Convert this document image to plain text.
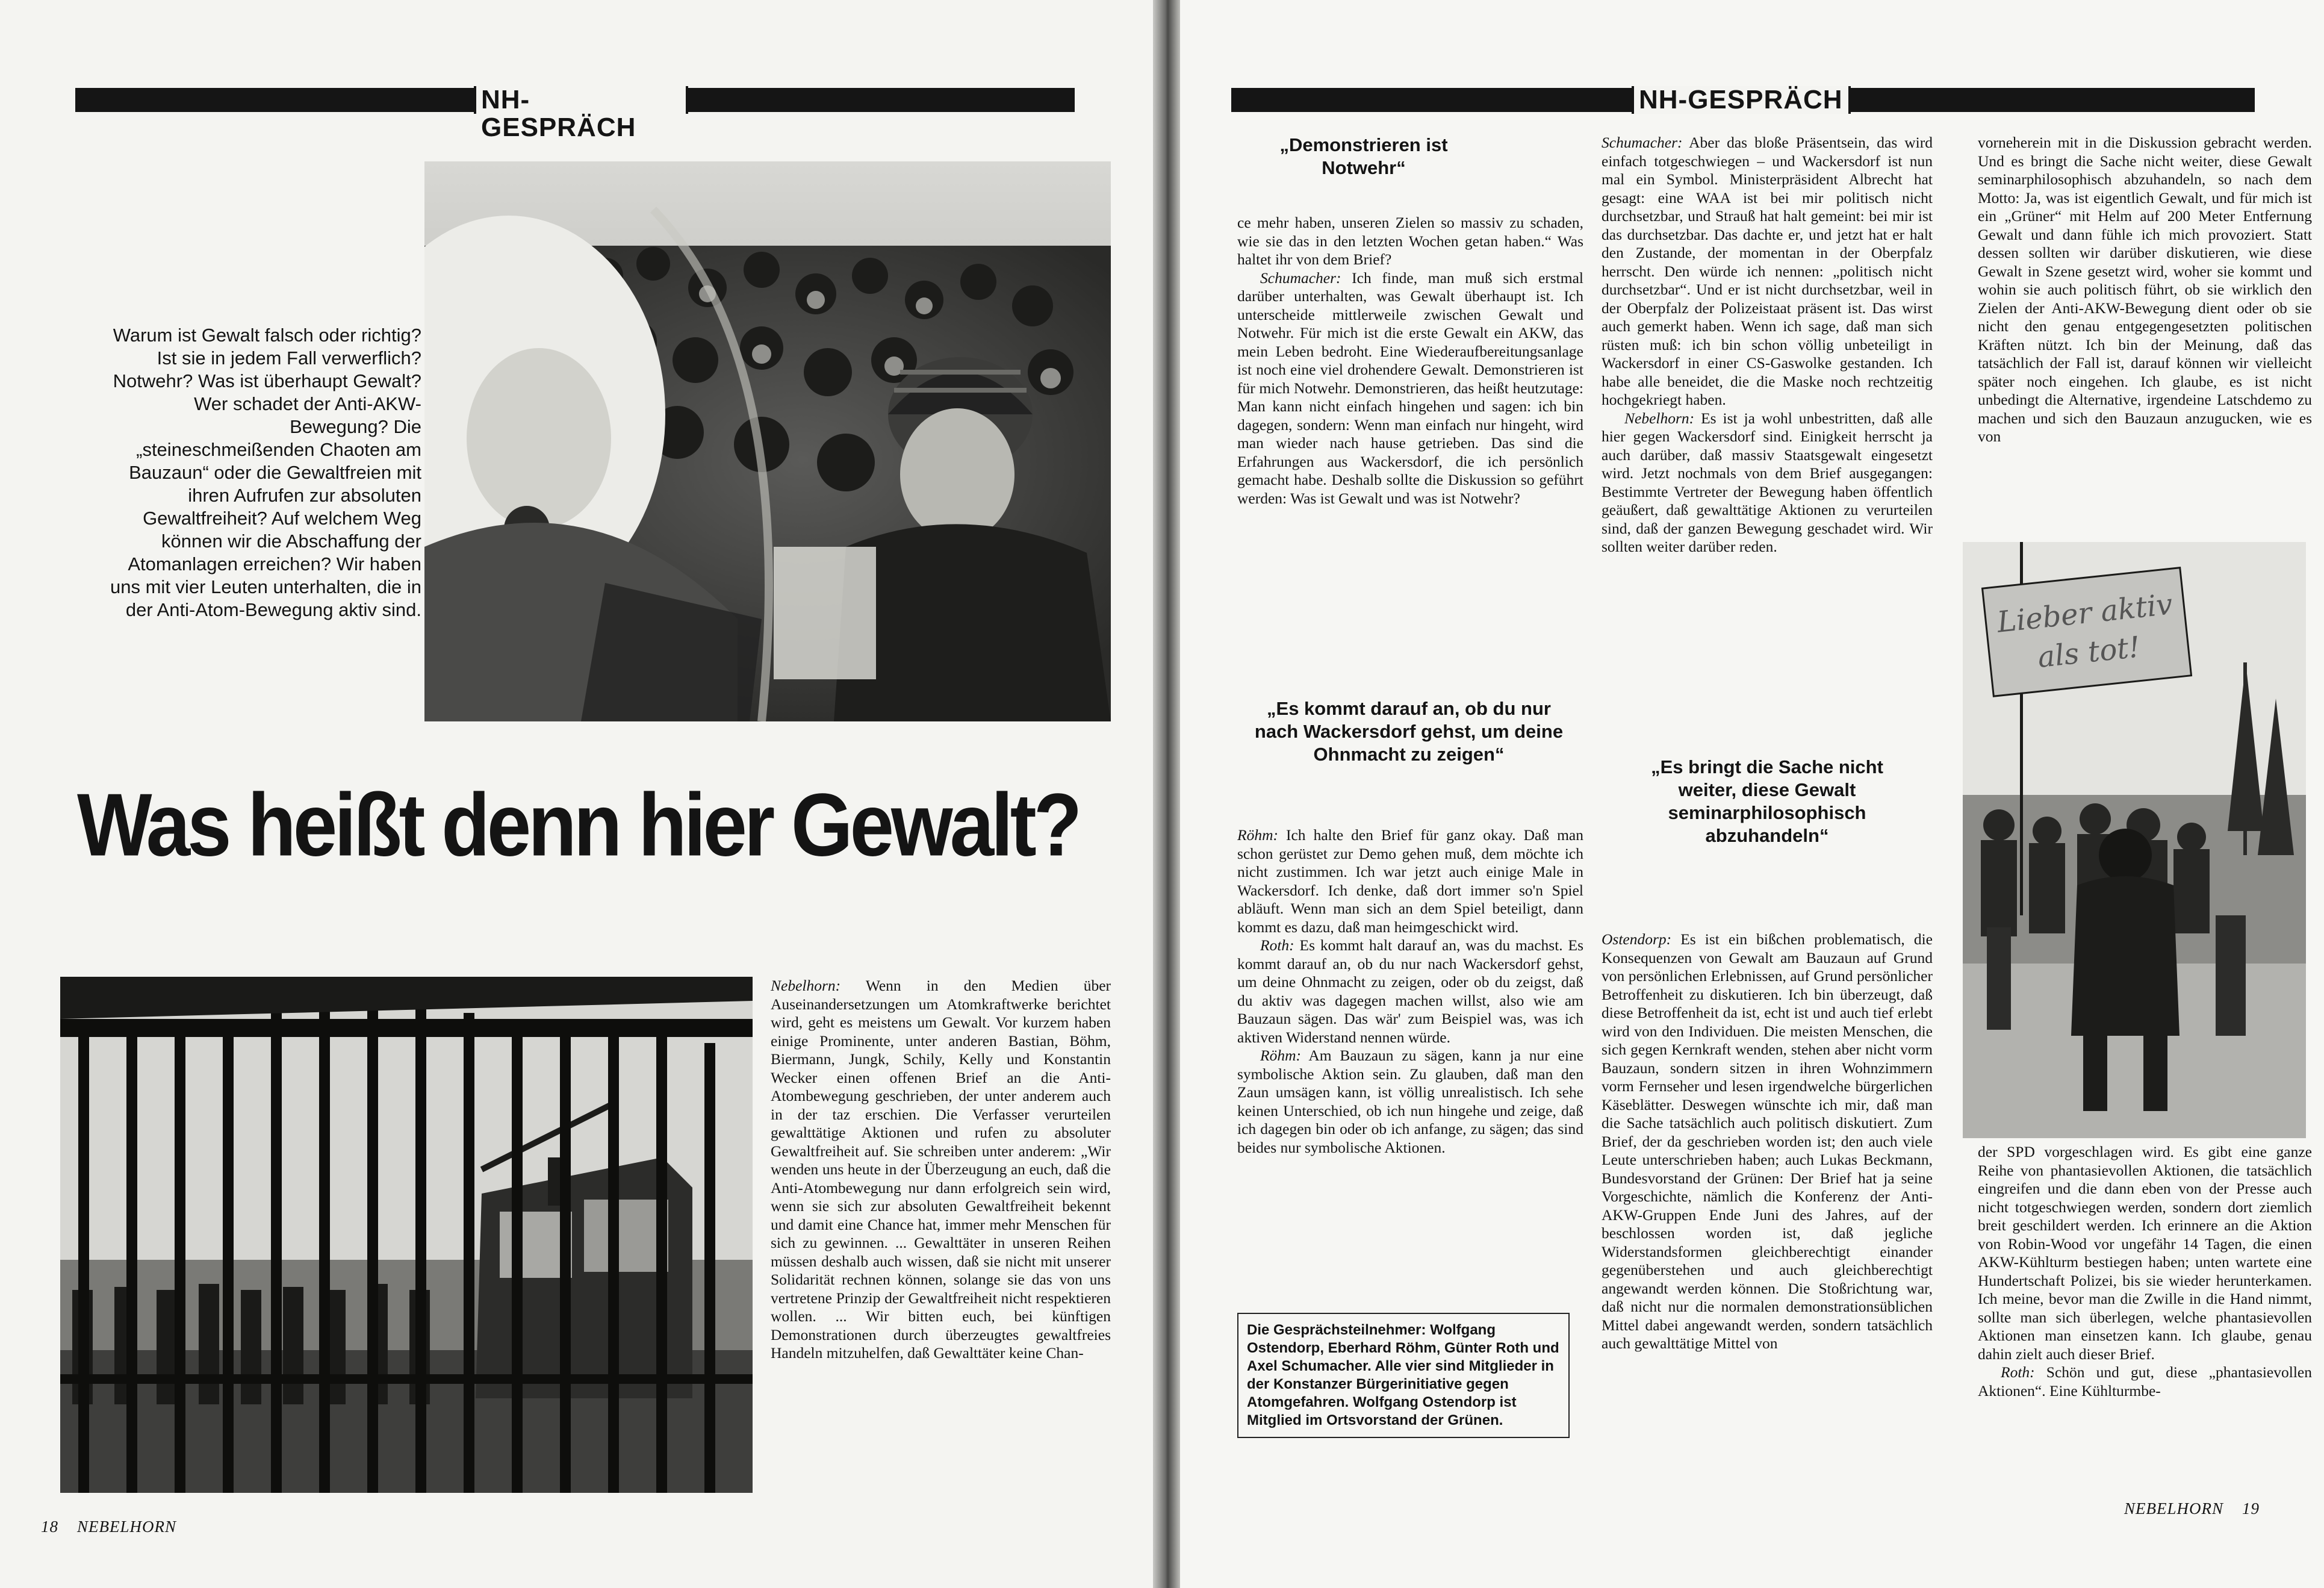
NH-GESPRÄCH
Warum ist Gewalt falsch oder richtig? Ist sie in jedem Fall verwerflich? Notwehr? Was ist überhaupt Gewalt? Wer schadet der Anti-AKW-Bewegung? Die „steineschmeißenden Chaoten am Bauzaun“ oder die Gewaltfreien mit ihren Aufrufen zur absoluten Gewaltfreiheit? Auf welchem Weg können wir die Abschaffung der Atomanlagen erreichen? Wir haben uns mit vier Leuten unterhalten, die in der Anti-Atom-Bewegung aktiv sind.
Was heißt denn hier Gewalt?

Nebelhorn: Wenn in den Medien über Auseinandersetzungen um Atomkraftwerke berichtet wird, geht es meistens um Gewalt. Vor kurzem haben einige Prominente, unter anderen Bastian, Böhm, Biermann, Jungk, Schily, Kelly und Konstantin Wecker einen offenen Brief an die Anti-Atombewegung geschrieben, der unter anderem auch in der taz erschien. Die Verfasser verurteilen gewalttätige Aktionen und rufen zu absoluter Gewaltfreiheit auf. Sie schreiben unter anderem: „Wir wenden uns heute in der Überzeugung an euch, daß die Anti-Atombewegung nur dann erfolgreich sein wird, wenn sie sich zur absoluten Gewaltfreiheit bekennt und damit eine Chance hat, immer mehr Menschen für sich zu gewinnen. ... Gewalttäter in unseren Reihen müssen deshalb auch wissen, daß sie nicht mit unserer Solidarität rechnen können, solange sie das von uns vertretene Prinzip der Gewaltfreiheit nicht respektieren wollen. ... Wir bitten euch, bei künftigen Demonstrationen durch überzeugtes gewaltfreies Handeln mitzuhelfen, daß Gewalttäter keine Chan-

18 NEBELHORN
NH-GESPRÄCH
„Demonstrieren ist Notwehr“

ce mehr haben, unseren Zielen so massiv zu schaden, wie sie das in den letzten Wochen getan haben.“ Was haltet ihr von dem Brief?

Schumacher: Ich finde, man muß sich erstmal darüber unterhalten, was Gewalt überhaupt ist. Ich unterscheide mittlerweile zwischen Gewalt und Notwehr. Für mich ist die erste Gewalt ein AKW, das mein Leben bedroht. Eine Wiederaufbereitungsanlage ist noch eine viel drohendere Gewalt. Demonstrieren ist für mich Notwehr. Demonstrieren, das heißt heutzutage: Man kann nicht einfach hingehen und sagen: ich bin dagegen, sondern: Wenn man einfach nur hingeht, wird man wieder nach hause getrieben. Das sind die Erfahrungen aus Wackersdorf, die ich persönlich gemacht habe. Deshalb sollte die Diskussion so geführt werden: Was ist Gewalt und was ist Notwehr?

„Es kommt darauf an, ob du nur nach Wackersdorf gehst, um deine Ohnmacht zu zeigen“

Röhm: Ich halte den Brief für ganz okay. Daß man schon gerüstet zur Demo gehen muß, dem möchte ich nicht zustimmen. Ich war jetzt auch einige Male in Wackersdorf. Ich denke, daß dort immer so'n Spiel abläuft. Wenn man sich an dem Spiel beteiligt, dann kommt es dazu, daß man heimgeschickt wird.

Roth: Es kommt halt darauf an, was du machst. Es kommt darauf an, ob du nur nach Wackersdorf gehst, um deine Ohnmacht zu zeigen, oder ob du zeigst, daß du aktiv was dagegen machen willst, also wie am Bauzaun sägen. Das wär' zum Beispiel was, was ich aktiven Widerstand nennen würde.

Röhm: Am Bauzaun zu sägen, kann ja nur eine symbolische Aktion sein. Zu glauben, daß man den Zaun umsägen kann, ist völlig unrealistisch. Ich sehe keinen Unterschied, ob ich nun hingehe und zeige, daß ich dagegen bin oder ob ich anfange, zu sägen; das sind beides nur symbolische Aktionen.

Die Gesprächsteilnehmer: Wolfgang Ostendorp, Eberhard Röhm, Günter Roth und Axel Schumacher. Alle vier sind Mitglieder in der Konstanzer Bürgerinitiative gegen Atomgefahren. Wolfgang Ostendorp ist Mitglied im Ortsvorstand der Grünen.

Schumacher: Aber das bloße Präsentsein, das wird einfach totgeschwiegen – und Wackersdorf ist nun mal ein Symbol. Ministerpräsident Albrecht hat gesagt: eine WAA ist bei mir politisch nicht durchsetzbar, und Strauß hat halt gemeint: bei mir ist das durchsetzbar. Das dachte er, und jetzt hat er halt den Zustande, der momentan in der Oberpfalz herrscht. Den würde ich nennen: „politisch nicht durchsetzbar“. Und er ist nicht durchsetzbar, weil in der Oberpfalz der Polizeistaat präsent ist. Das wirst auch gemerkt haben. Wenn ich sage, daß man sich rüsten muß: ich bin schon völlig unbeteiligt in Wackersdorf in einer CS-Gaswolke gestanden. Ich habe alle beneidet, die die Maske noch rechtzeitig hochgekriegt haben.

Nebelhorn: Es ist ja wohl unbestritten, daß alle hier gegen Wackersdorf sind. Einigkeit herrscht ja auch darüber, daß massiv Staatsgewalt eingesetzt wird. Jetzt nochmals von dem Brief ausgegangen: Bestimmte Vertreter der Bewegung haben öffentlich geäußert, daß gewalttätige Aktionen zu verurteilen sind, daß der ganzen Bewegung geschadet wird. Wir sollten weiter darüber reden.

„Es bringt die Sache nicht weiter, diese Gewalt seminarphilosophisch abzuhandeln“

Ostendorp: Es ist ein bißchen problematisch, die Konsequenzen von Gewalt am Bauzaun auf Grund von persönlichen Erlebnissen, auf Grund persönlicher Betroffenheit zu diskutieren. Ich bin überzeugt, daß diese Betroffenheit da ist, echt ist und auch tief erlebt wird von den Individuen. Die meisten Menschen, die sich gegen Kernkraft wenden, stehen aber nicht vorm Bauzaun, sondern sitzen in ihren Wohnzimmern vorm Fernseher und lesen irgendwelche bürgerlichen Käseblätter. Deswegen wünschte ich mir, daß man die Sache tatsächlich auch politisch diskutiert. Zum Brief, der da geschrieben worden ist; den auch viele Leute unterschrieben haben; auch Lukas Beckmann, Bundesvorstand der Grünen: Der Brief hat ja seine Vorgeschichte, nämlich die Konferenz der Anti-AKW-Gruppen Ende Juni des Jahres, auf der beschlossen worden ist, daß jegliche Widerstandsformen gleichberechtigt einander gegenüberstehen und auch gleichberechtigt angewandt werden können. Die Stoßrichtung war, daß nicht nur die normalen demonstrationsüblichen Mittel dabei angewandt werden, sondern tatsächlich auch gewalttätige Mittel von

vorneherein mit in die Diskussion gebracht werden. Und es bringt die Sache nicht weiter, diese Gewalt seminarphilosophisch abzuhandeln, so nach dem Motto: Ja, was ist eigentlich Gewalt, und für mich ist ein „Grüner“ mit Helm auf 200 Meter Entfernung Gewalt und dann fühle ich mich provoziert. Statt dessen sollten wir darüber diskutieren, wie diese Gewalt in Szene gesetzt wird, woher sie kommt und wohin sie auch politisch führt, ob sie wirklich den Zielen der Anti-AKW-Bewegung dient oder ob sie nicht den genau entgegengesetzten politischen Kräften nützt. Ich bin der Meinung, daß das tatsächlich der Fall ist, darauf können wir vielleicht später noch eingehen. Ich glaube, es ist nicht unbedingt die Alternative, irgendeine Latschdemo zu machen und sich den Bauzaun anzugucken, wie es von

Lieber aktiv
als tot!

der SPD vorgeschlagen wird. Es gibt eine ganze Reihe von phantasievollen Aktionen, die tatsächlich eingreifen und die dann eben von der Presse auch nicht totgeschwiegen werden, sondern dort ziemlich breit geschildert werden. Ich erinnere an die Aktion von Robin-Wood vor ungefähr 14 Tagen, die einen AKW-Kühlturm bestiegen haben; unten wartete eine Hundertschaft Polizei, bis sie wieder herunterkamen. Ich meine, bevor man die Zwille in die Hand nimmt, sollte man sich überlegen, welche phantasievollen Aktionen man einsetzen kann. Ich glaube, genau dahin zielt auch dieser Brief.

Roth: Schön und gut, diese „phantasievollen Aktionen“. Eine Kühlturmbe-

NEBELHORN 19
